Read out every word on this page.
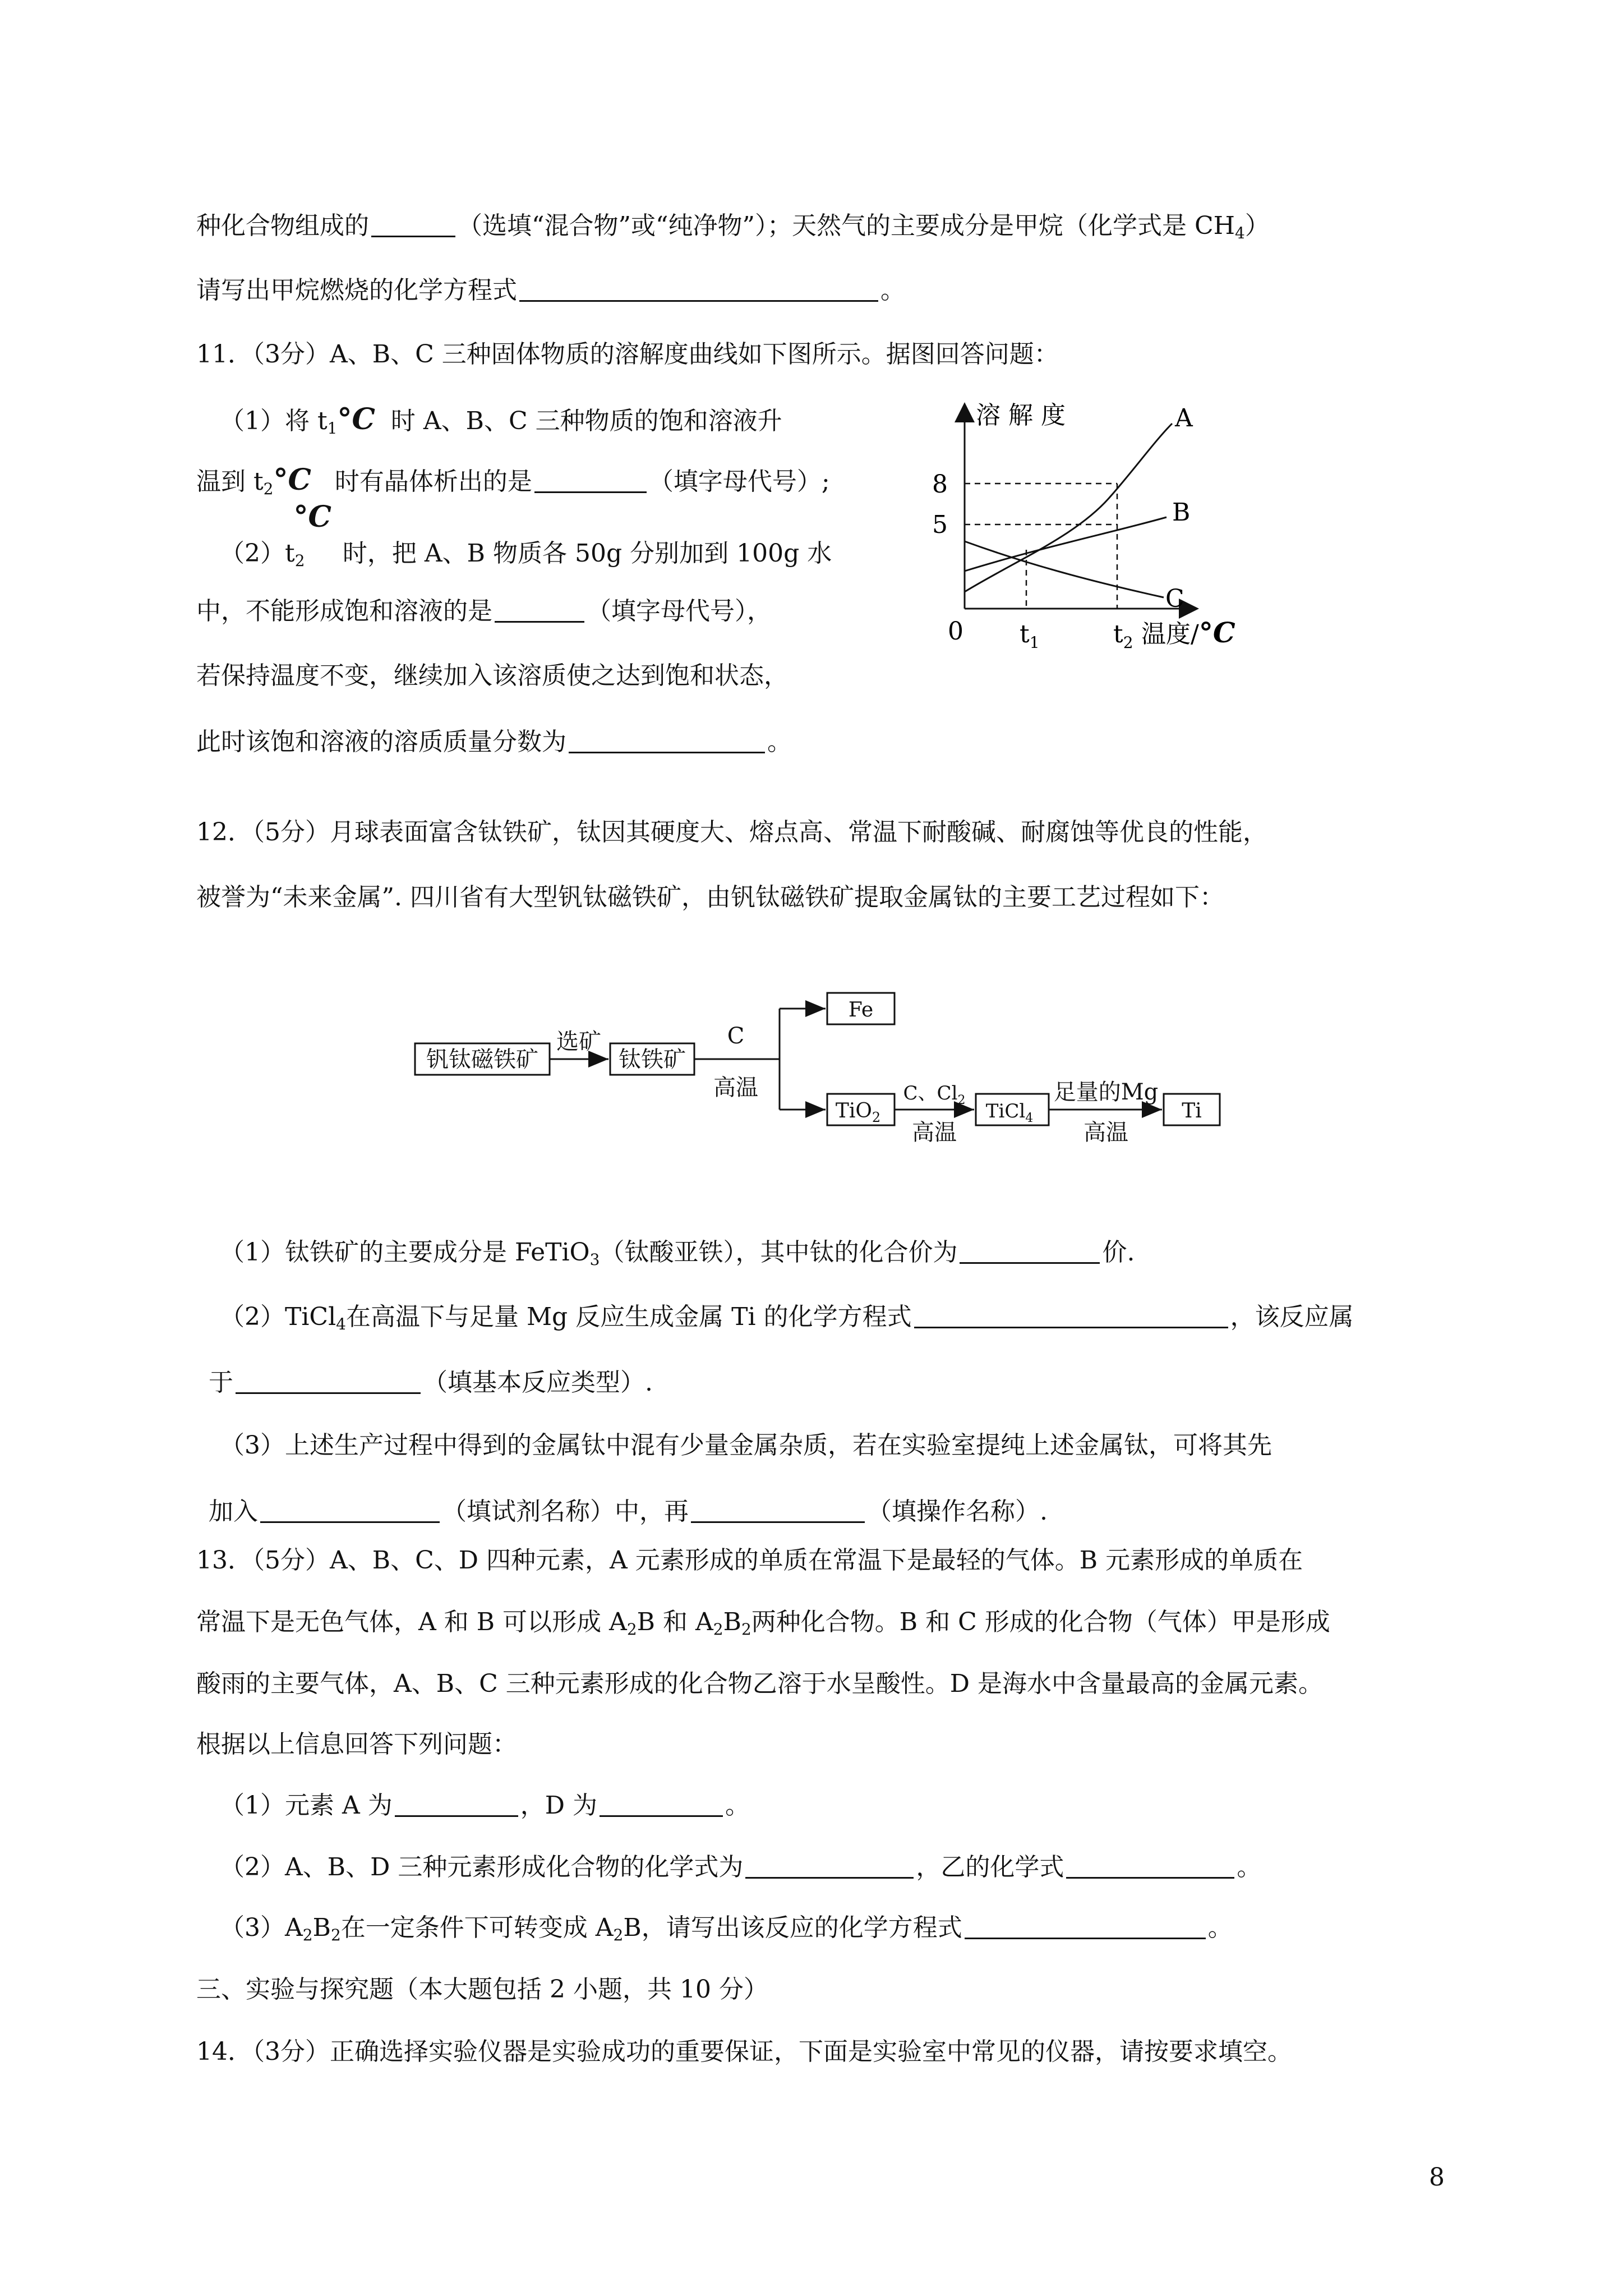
种化合物组成的	（选填“混合物”或“纯净物”）；天然气的主要成分是甲烷（化学式是 $CH_4$）
请写出甲烷燃烧的化学方程式	。
11．（3分）A、B、C 三种固体物质的溶解度曲线如下图所示。据图回答问题：
（1）将 $t_1^\circ C$ 时 A、B、C 三种物质的饱和溶液升
温到 $t_2^\circ C$ 时有晶体析出的是	（填字母代号）;
$(2)t_2^\circ C$时，把 A、B 物质各 50g 分别加到 100g 水
中，不能形成饱和溶液的是	（填字母代号），
若保持温度不变，继续加入该溶质使之达到饱和状态，
此时该饱和溶液的溶质质量分数为	。
溶 解 度	A
B
C
8
5
0 $t_1$	$t_2$ 温度/°C
12．（5分）月球表面富含钛铁矿，钛因其硬度大、熔点高、常温下耐酸碱、耐腐蚀等优良的性能，
被誉为“未来金属”. 四川省有大型钒钛磁铁矿，由钒钛磁铁矿提取金属钛的主要工艺过程如下：
钒钛磁铁矿	钛铁矿
选矿	C
高温
Fe
TiO$_2$
C、$Cl_2$
高温
TiCl$_4$
足量的Mg
高温
Ti
（1）钛铁矿的主要成分是 FeTiO$_3$（钛酸亚铁），其中钛的化合价为	价.
（2）TiCl$_4$在高温下与足量 Mg 反应生成金属 Ti 的化学方程式	，该反应属
于	（填基本反应类型）.
（3）上述生产过程中得到的金属钛中混有少量金属杂质，若在实验室提纯上述金属钛，可将其先
加入	（填试剂名称）中，再	（填操作名称）.
13．（5分）A、B、C、D 四种元素，A 元素形成的单质在常温下是最轻的气体。B 元素形成的单质在
常温下是无色气体，A 和 B 可以形成 $A_2B$ 和 $A_2B_2$两种化合物。B 和 C 形成的化合物（气体）甲是形成
酸雨的主要气体，A、B、C 三种元素形成的化合物乙溶于水呈酸性。D 是海水中含量最高的金属元素。
根据以上信息回答下列问题：
（1）元素 A 为	，D 为	。
（2）A、B、D 三种元素形成化合物的化学式为	，乙的化学式	。
$(3)A_2B_2$在一定条件下可转变成 $A_2B$，请写出该反应的化学方程式	。
三、实验与探究题（本大题包括 2 小题，共 10 分）
14．（3分）正确选择实验仪器是实验成功的重要保证，下面是实验室中常见的仪器，请按要求填空。
8
